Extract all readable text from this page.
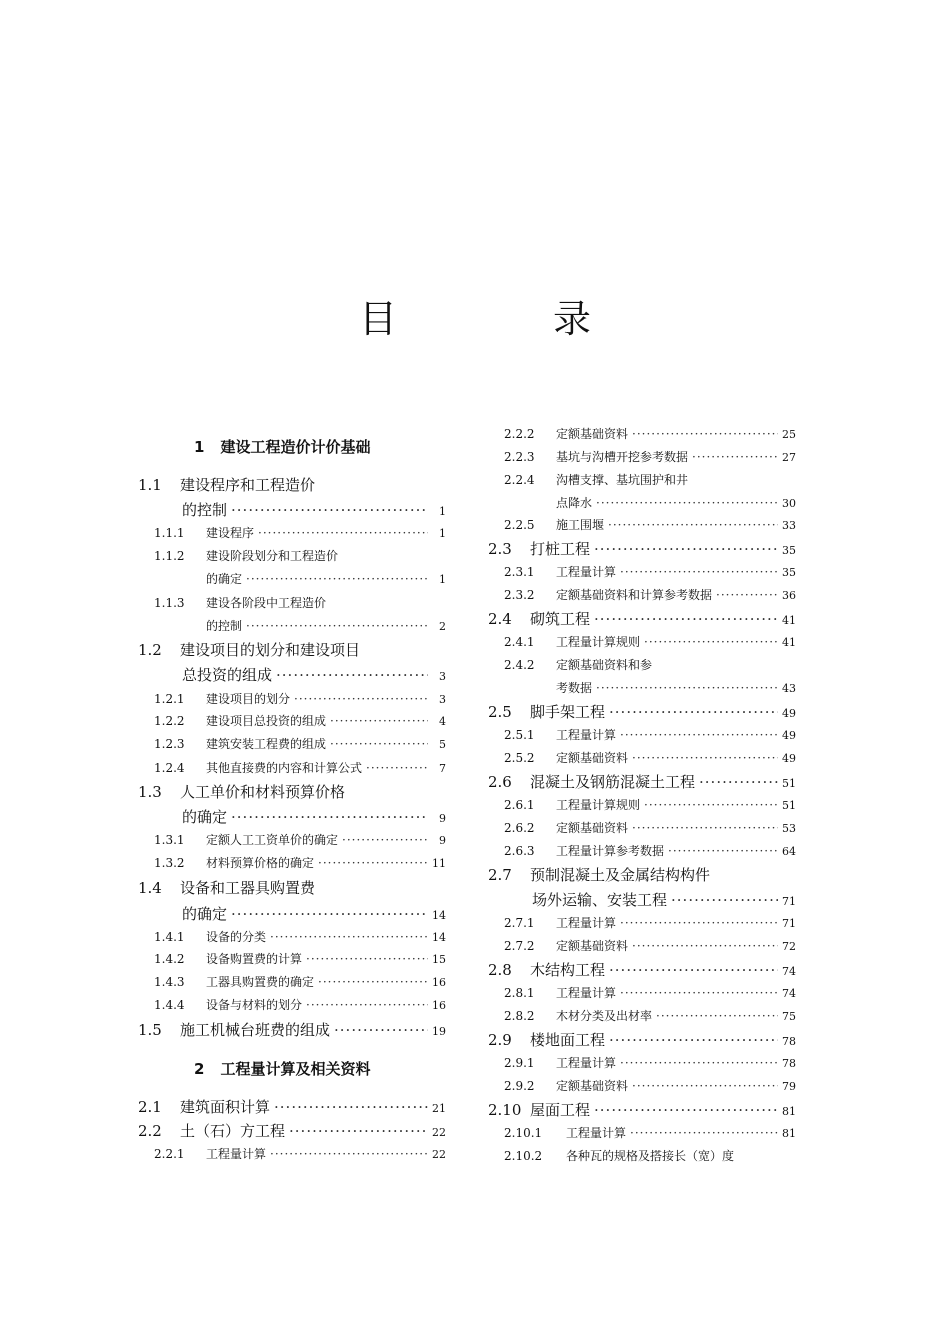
目 录
1 建设工程造价计价基础
1.1	建设程序和工程造价
的控制 ·····	1
1.1.1	建设程序 ·····	1
1.1.2	建设阶段划分和工程造价
的确定 ·····	1
1.1.3	建设各阶段中工程造价
的控制 ·····	2
1.2	建设项目的划分和建设项目
总投资的组成 ·····	3
1.2.1	建设项目的划分 ·····	3
1.2.2	建设项目总投资的组成 ·····	4
1.2.3	建筑安装工程费的组成 ·····	5
1.2.4	其他直接费的内容和计算公式 ·····	7
1.3	人工单价和材料预算价格
的确定 ·····	9
1.3.1	定额人工工资单价的确定 ·····	9
1.3.2	材料预算价格的确定 ·····	11
1.4	设备和工器具购置费
的确定 ·····	14
1.4.1	设备的分类 ·····	14
1.4.2	设备购置费的计算 ·····	15
1.4.3	工器具购置费的确定 ·····	16
1.4.4	设备与材料的划分 ·····	16
1.5	施工机械台班费的组成 ·····	19
2 工程量计算及相关资料
2.1	建筑面积计算 ·····	21
2.2	土（石）方工程 ·····	22
2.2.1	工程量计算 ·····	22
2.2.2	定额基础资料 ·····	25
2.2.3	基坑与沟槽开挖参考数据 ·····	27
2.2.4	沟槽支撑、基坑围护和井
点降水 ·····	30
2.2.5	施工围堰 ·····	33
2.3	打桩工程 ·····	35
2.3.1	工程量计算 ·····	35
2.3.2	定额基础资料和计算参考数据 ·····	36
2.4	砌筑工程 ·····	41
2.4.1	工程量计算规则 ·····	41
2.4.2	定额基础资料和参
考数据 ·····	43
2.5	脚手架工程 ·····	49
2.5.1	工程量计算 ·····	49
2.5.2	定额基础资料 ·····	49
2.6	混凝土及钢筋混凝土工程 ·····	51
2.6.1	工程量计算规则 ·····	51
2.6.2	定额基础资料 ·····	53
2.6.3	工程量计算参考数据 ·····	64
2.7	预制混凝土及金属结构构件
场外运输、安装工程 ·····	71
2.7.1	工程量计算 ·····	71
2.7.2	定额基础资料 ·····	72
2.8	木结构工程 ·····	74
2.8.1	工程量计算 ·····	74
2.8.2	木材分类及出材率 ·····	75
2.9	楼地面工程 ·····	78
2.9.1	工程量计算 ·····	78
2.9.2	定额基础资料 ·····	79
2.10 屋面工程 ·····	81
2.10.1	工程量计算 ·····	81
2.10.2	各种瓦的规格及搭接长（宽）度
